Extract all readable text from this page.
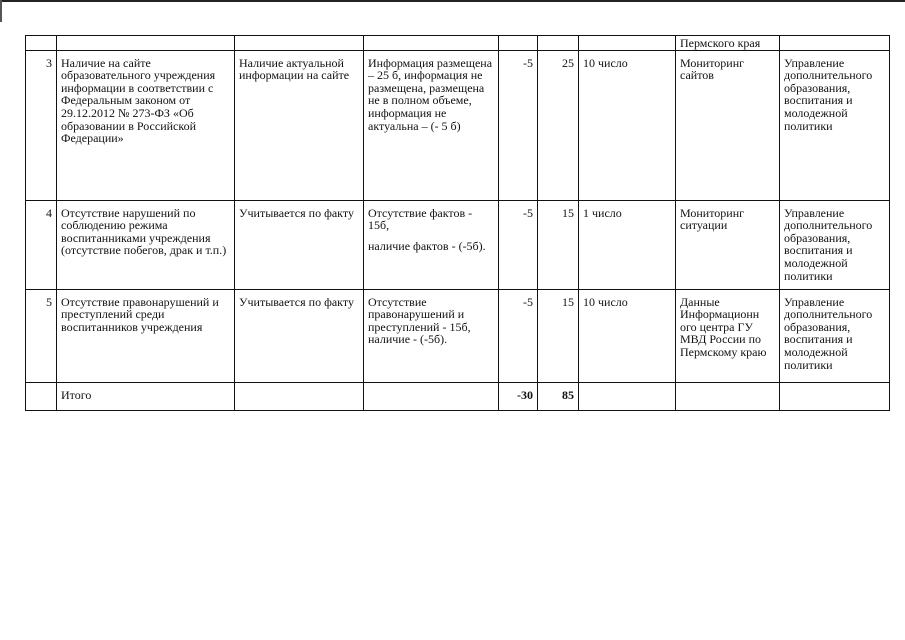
							Пермского края	
3	Наличие на сайте образовательного учреждения информации в соответствии с Федеральным законом от 29.12.2012 № 273-ФЗ «Об образовании в Российской Федерации»	Наличие актуальной информации на сайте	Информация размещена – 25 б, информация не размещена, размещена не в полном объеме, информация не актуальна – (- 5 б)	-5	25	10 число	Мониторинг сайтов	Управление дополнительного образования, воспитания и молодежной политики
4	Отсутствие нарушений по соблюдению режима воспитанниками учреждения (отсутствие побегов, драк и т.п.)	Учитывается по факту	Отсутствие фактов - 15б,
наличие фактов - (-5б).	-5	15	1 число	Мониторинг ситуации	Управление дополнительного образования, воспитания и молодежной политики
5	Отсутствие правонарушений и преступлений среди воспитанников учреждения	Учитывается по факту	Отсутствие правонарушений и преступлений - 15б, наличие - (-5б).	-5	15	10 число	Данные Информационн ого центра ГУ МВД России по Пермскому краю	Управление дополнительного образования, воспитания и молодежной политики
	Итого			-30	85			
